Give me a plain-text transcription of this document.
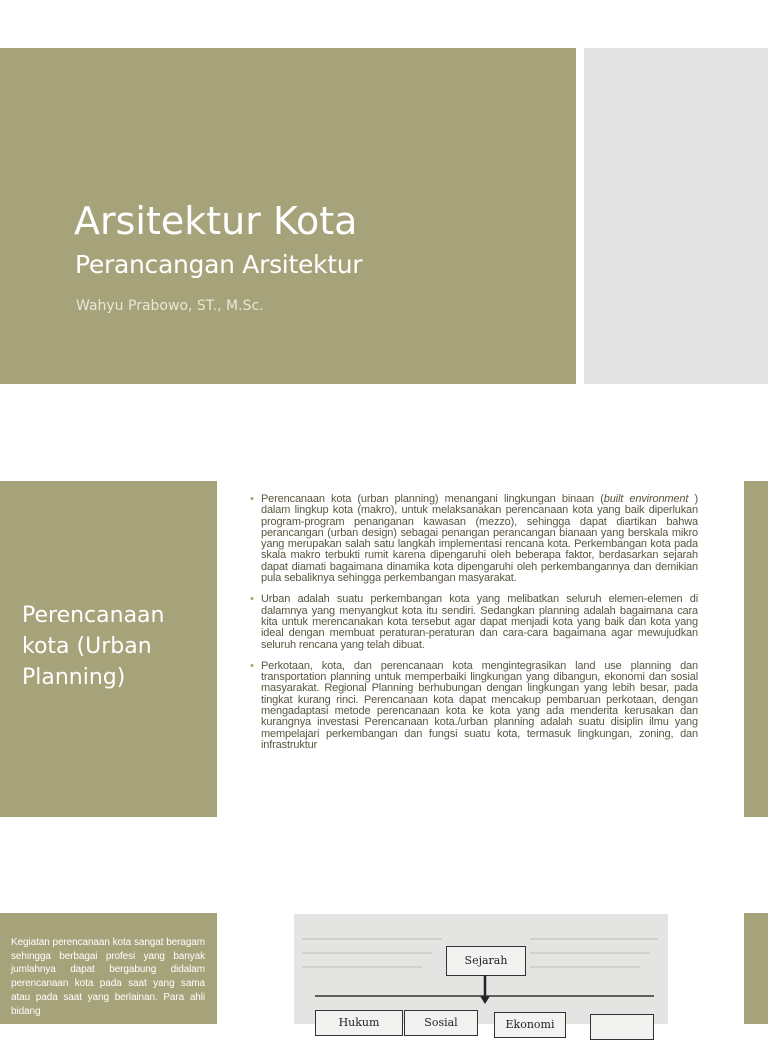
Arsitektur Kota
Perancangan Arsitektur
Wahyu Prabowo, ST., M.Sc.
Perencanaan kota (Urban Planning)
• Perencanaan kota (urban planning) menangani lingkungan binaan (built environment ) dalam lingkup kota (makro), untuk melaksanakan perencanaan kota yang baik diperlukan program-program penanganan kawasan (mezzo), sehingga dapat diartikan bahwa perancangan (urban design) sebagai penangan perancangan bianaan yang berskala mikro yang merupakan salah satu langkah implementasi rencana kota. Perkembangan kota pada skala makro terbukti rumit karena dipengaruhi oleh beberapa faktor, berdasarkan sejarah dapat diamati bagaimana dinamika kota dipengaruhi oleh perkembangannya dan demikian pula sebaliknya sehingga perkembangan masyarakat.
• Urban adalah suatu perkembangan kota yang melibatkan seluruh elemen-elemen di dalamnya yang menyangkut kota itu sendiri. Sedangkan planning adalah bagaimana cara kita untuk merencanakan kota tersebut agar dapat menjadi kota yang baik dan kota yang ideal dengan membuat peraturan-peraturan dan cara-cara bagaimana agar mewujudkan seluruh rencana yang telah dibuat.
• Perkotaan, kota, dan perencanaan kota mengintegrasikan land use planning dan transportation planning untuk memperbaiki lingkungan yang dibangun, ekonomi dan sosial masyarakat. Regional Planning berhubungan dengan lingkungan yang lebih besar, pada tingkat kurang rinci. Perencanaan kota dapat mencakup pembaruan perkotaan, dengan mengadaptasi metode perencanaan kota ke kota yang ada menderita kerusakan dan kurangnya investasi Perencanaan kota./urban planning adalah suatu disiplin ilmu yang mempelajari perkembangan dan fungsi suatu kota, termasuk lingkungan, zoning, dan infrastruktur
Kegiatan perencanaan kota sangat beragam sehingga berbagai profesi yang banyak jumlahnya dapat bergabung didalam perencanaan kota pada saat yang sama atau pada saat yang berlainan. Para ahli bidang
Sejarah
Hukum	Sosial	Ekonomi
